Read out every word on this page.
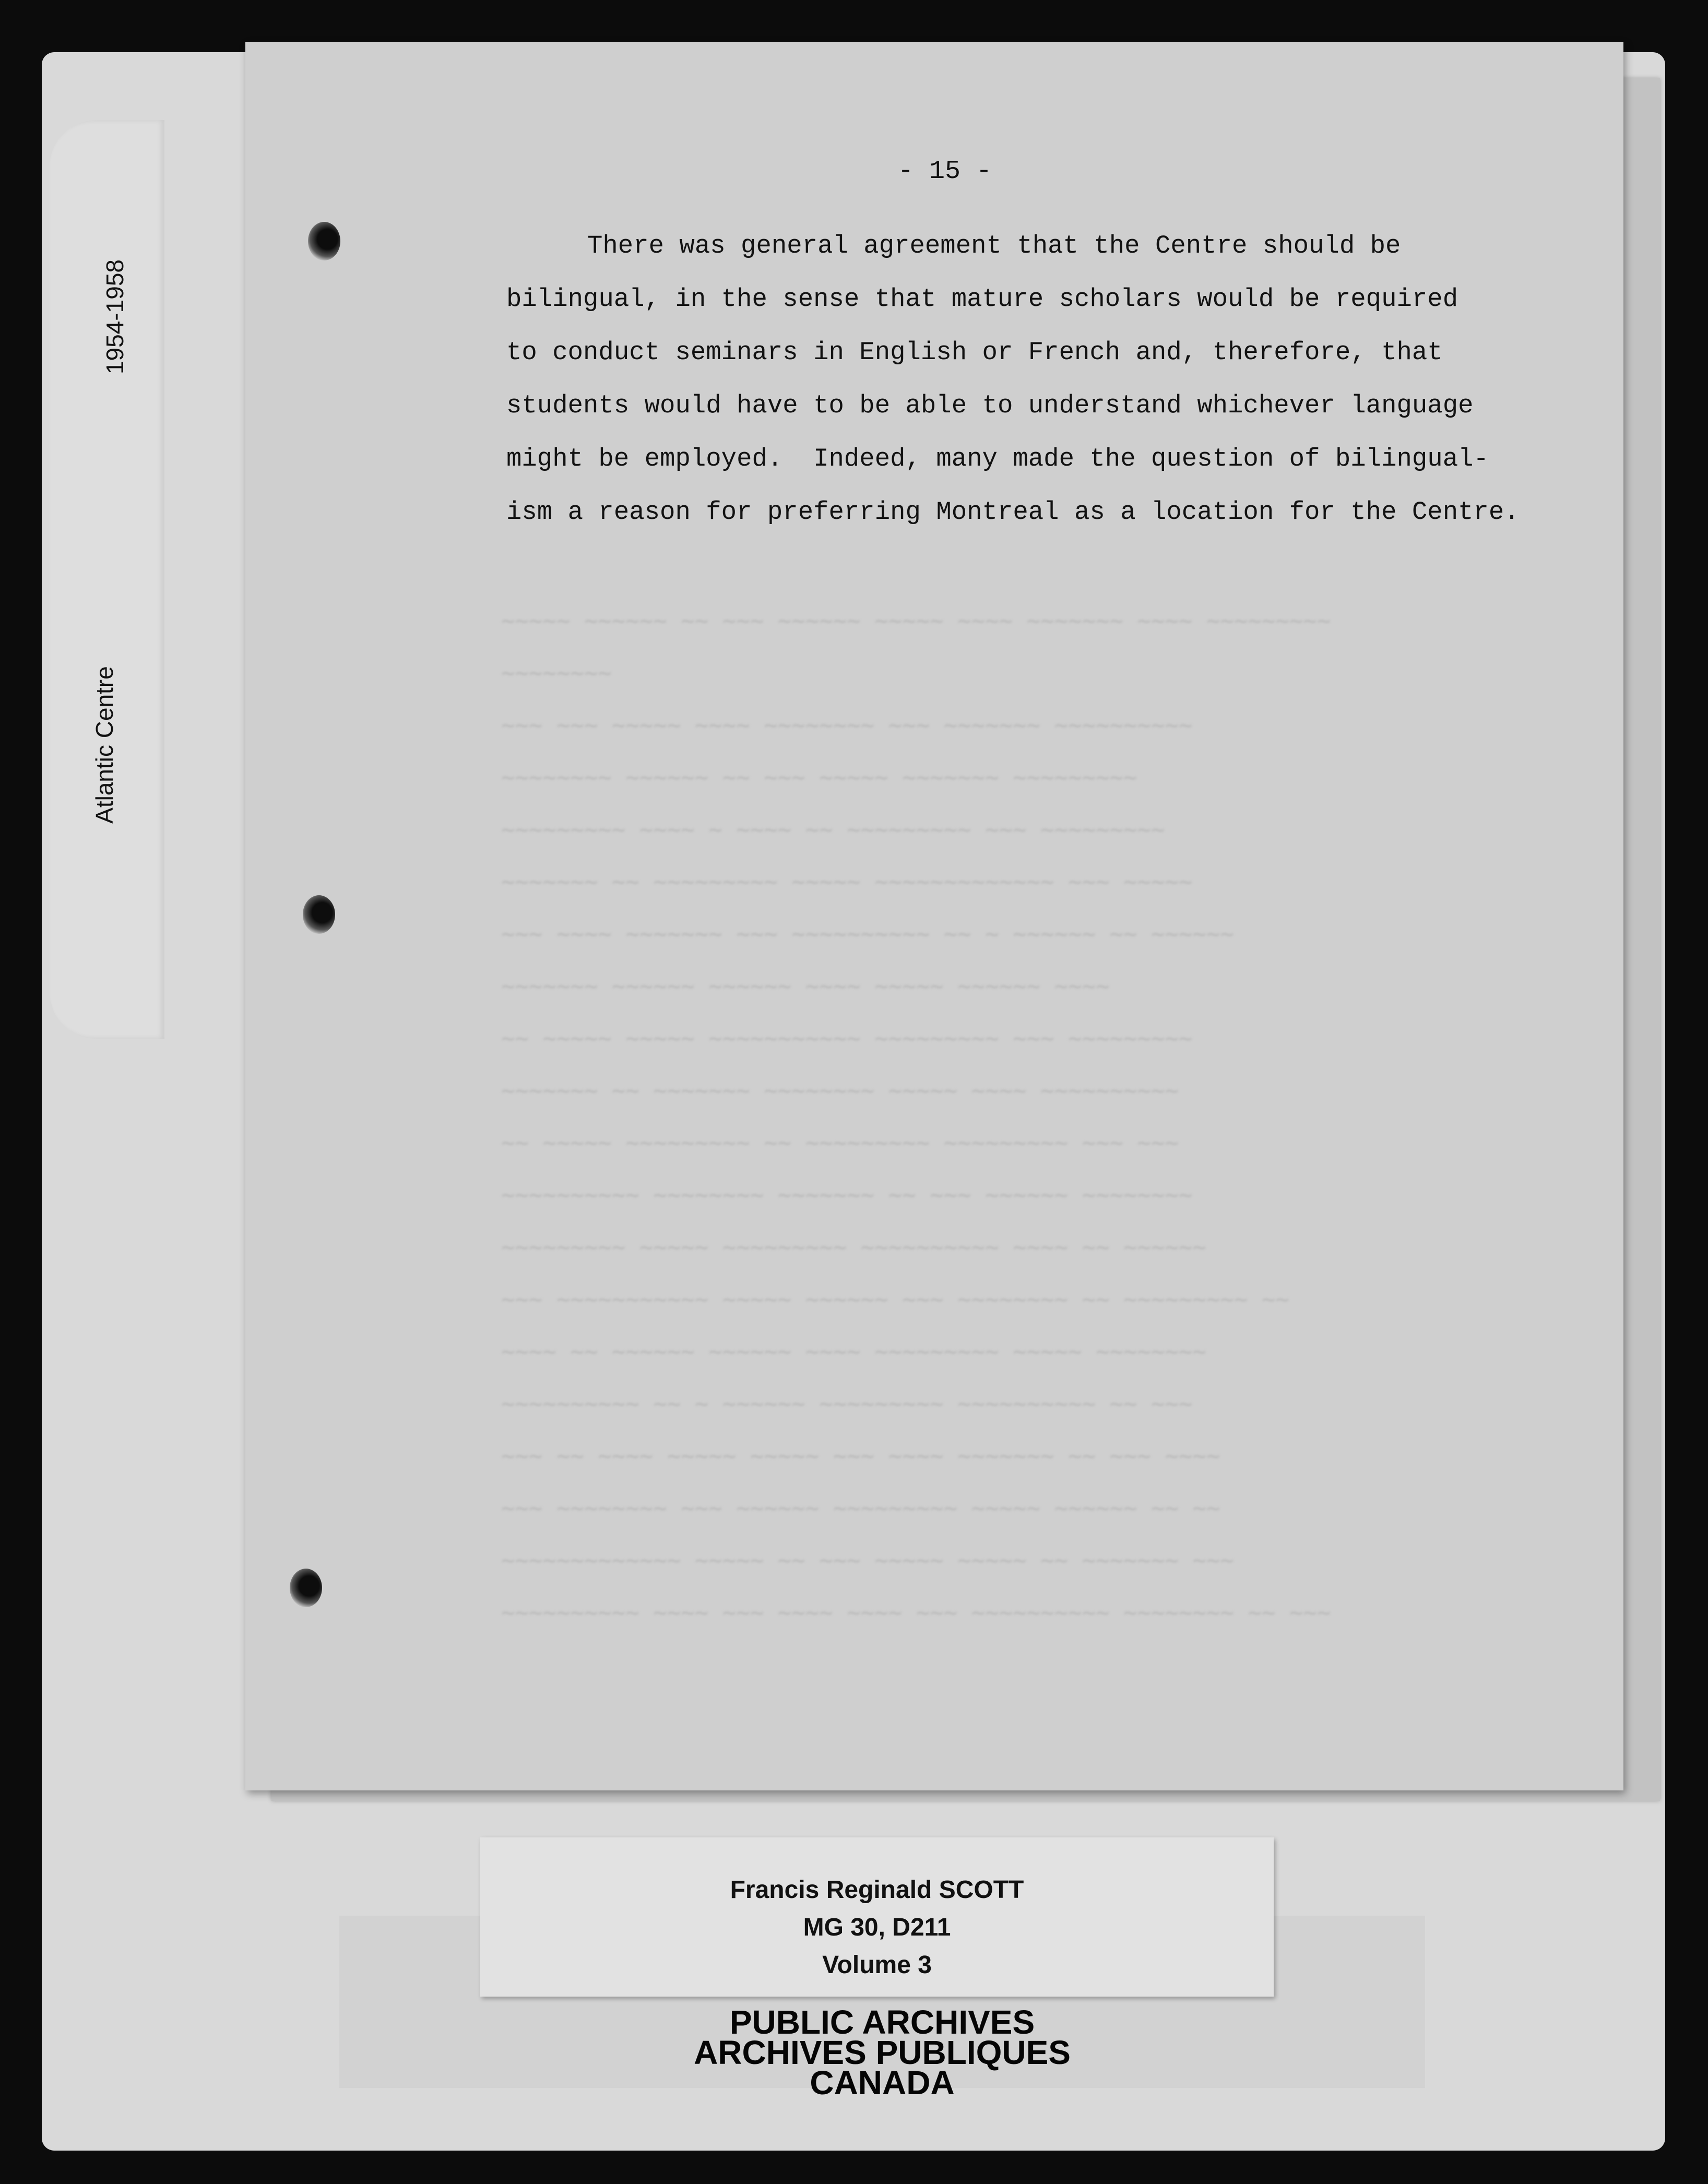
1954-1958
Atlantic Centre
~~~~~ ~~~~~~ ~~ ~~~ ~~~~~~ ~~~~~ ~~~~ ~~~~~~~ ~~~~ ~~~~~~~~~
~~~~~~~~
~~~ ~~~ ~~~~~ ~~~~ ~~~~~~~~ ~~~ ~~~~~~~ ~~~~~~~~~~
~~~~~~~~ ~~~~~~ ~~ ~~~ ~~~~~ ~~~~~~~ ~~~~~~~~~
~~~~~~~~~ ~~~~ ~ ~~~~ ~~ ~~~~~~~~~ ~~~ ~~~~~~~~~
~~~~~~~ ~~ ~~~~~~~~~ ~~~~~ ~~~~~~~~~~~~~ ~~~ ~~~~~
~~~ ~~~~ ~~~~~~~ ~~~ ~~~~~~~~~~ ~~ ~ ~~~~~~ ~~ ~~~~~~
~~~~~~~ ~~~~~~ ~~~~~~ ~~~~ ~~~~~ ~~~~~~ ~~~~
~~ ~~~~~ ~~~~~ ~~~~~~~~~~~ ~~~~~~~~~ ~~~ ~~~~~~~~~
~~~~~~~ ~~ ~~~~~~~ ~~~~~~~~ ~~~~~ ~~~~ ~~~~~~~~~~
~~ ~~~~~ ~~~~~~~~~ ~~ ~~~~~~~~~ ~~~~~~~~~ ~~~ ~~~
~~~~~~~~~~ ~~~~~~~~ ~~~~~~~ ~~ ~~~ ~~~~~~ ~~~~~~~~
~~~~~~~~~ ~~~~~ ~~~~~~~~~ ~~~~~~~~~~ ~~~~ ~~ ~~~~~~
~~~ ~~~~~~~~~~~ ~~~~~ ~~~~~~ ~~~ ~~~~~~~~ ~~ ~~~~~~~~~ ~~
~~~~ ~~ ~~~~~~ ~~~~~~ ~~~~ ~~~~~~~~~ ~~~~~ ~~~~~~~~
~~~~~~~~~~ ~~ ~ ~~~~~~ ~~~~~~~~~ ~~~~~~~~~~ ~~ ~~~
~~~ ~~ ~~~~ ~~~~~ ~~~~~ ~~~ ~~~~ ~~~~~~~ ~~ ~~~ ~~~~
~~~ ~~~~~~~~ ~~~ ~~~~~~ ~~~~~~~~~ ~~~~~ ~~~~~~ ~~ ~~
~~~~~~~~~~~~~ ~~~~~ ~~ ~~~ ~~~~~ ~~~~~ ~~ ~~~~~~~ ~~~
~~~~~~~~~~ ~~~~ ~~~ ~~~~ ~~~~ ~~~ ~~~~~~~~~~ ~~~~~~~~ ~~ ~~~
- 15 -
There was general agreement that the Centre should be
bilingual, in the sense that mature scholars would be required
to conduct seminars in English or French and, therefore, that
students would have to be able to understand whichever language
might be employed.  Indeed, many made the question of bilingual-
ism a reason for preferring Montreal as a location for the Centre.
Francis Reginald SCOTT
MG 30, D211
Volume 3
PUBLIC ARCHIVES
ARCHIVES PUBLIQUES
CANADA
